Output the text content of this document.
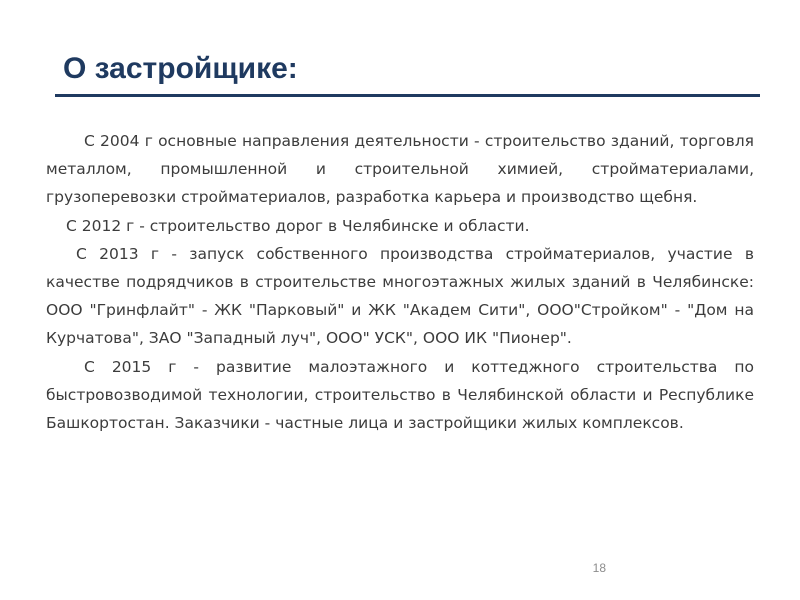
О застройщике:

С 2004 г основные направления деятельности - строительство зданий, торговля металлом, промышленной и строительной химией, стройматериалами, грузоперевозки стройматериалов, разработка карьера и производство щебня.

С 2012 г - строительство дорог в Челябинске и области.

С 2013 г - запуск собственного производства стройматериалов, участие в качестве подрядчиков в строительстве многоэтажных жилых зданий в Челябинске: ООО "Гринфлайт" - ЖК "Парковый" и ЖК "Академ Сити", ООО"Стройком" - "Дом на Курчатова", ЗАО "Западный луч", ООО" УСК", ООО ИК "Пионер".

С 2015 г - развитие малоэтажного и коттеджного строительства по быстровозводимой технологии, строительство в Челябинской области и Республике Башкортостан. Заказчики - частные лица и застройщики жилых комплексов.

18
